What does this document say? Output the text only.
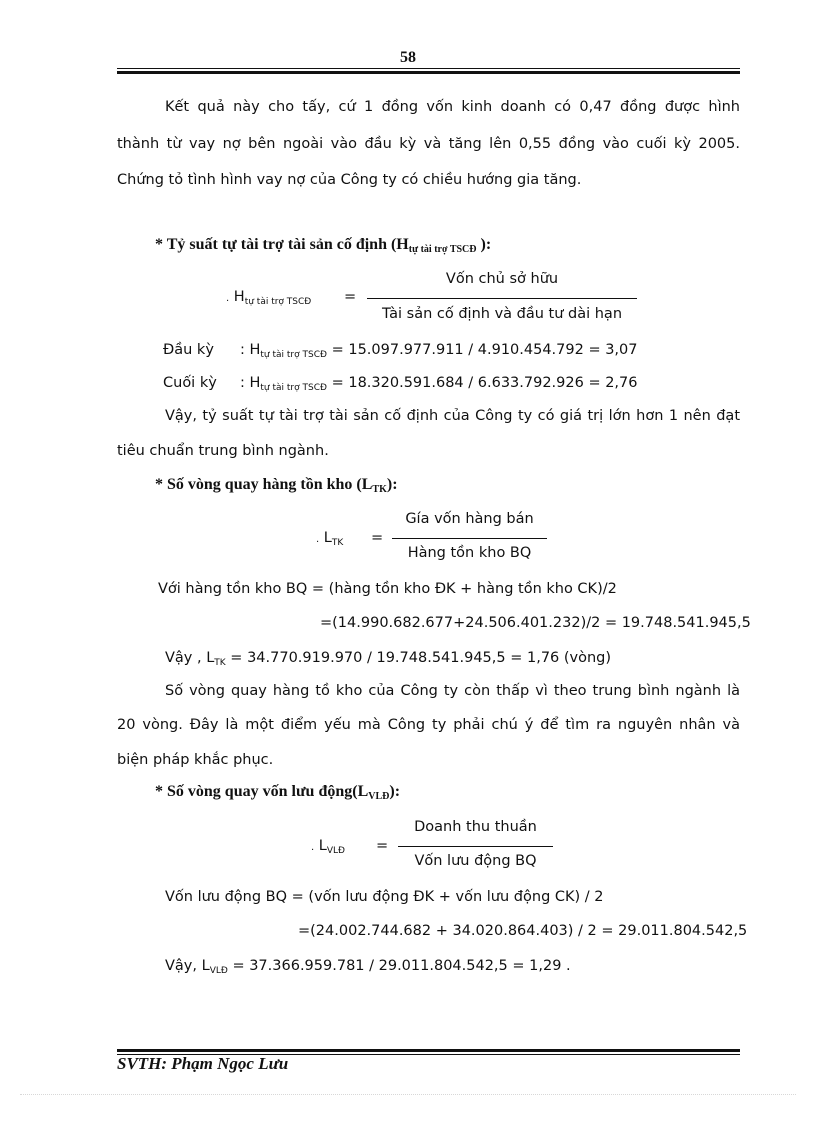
58
Kết quả này cho tấy, cứ 1 đồng vốn kinh doanh có 0,47 đồng được hình
thành từ vay nợ bên ngoài vào đầu kỳ và tăng lên 0,55 đồng vào cuối kỳ 2005.
Chứng tỏ tình hình vay nợ của Công ty có chiều hướng gia tăng.
* Tỷ suất tự tài trợ tài sản cố định (Htự tài trợ TSCĐ ):
. $H_{tự tài trợ TSCĐ}$ =
Vốn chủ sở hữu
Tài sản cố định và đầu tư dài hạn
Đầu kỳ : $H_{tự tài trợ TSCĐ} = 15.097.977.911 / 4.910.454.792 = 3,07$
Cuối kỳ : $H_{tự tài trợ TSCĐ} = 18.320.591.684 / 6.633.792.926 = 2,76$
Vậy, tỷ suất tự tài trợ tài sản cố định của Công ty có giá trị lớn hơn 1 nên đạt
tiêu chuẩn trung bình ngành.
* Số vòng quay hàng tồn kho (LTK):
. $L_{TK}$ =
Gía vốn hàng bán
Hàng tồn kho BQ
Với hàng tồn kho BQ = (hàng tồn kho ĐK + hàng tồn kho CK)/2
=(14.990.682.677+24.506.401.232)/2 = 19.748.541.945,5
Vậy , $L_{TK} = 34.770.919.970 / 19.748.541.945,5 = 1,76$ (vòng)
Số vòng quay hàng tồ kho của Công ty còn thấp vì theo trung bình ngành là
20 vòng. Đây là một điểm yếu mà Công ty phải chú ý để tìm ra nguyên nhân và
biện pháp khắc phục.
* Số vòng quay vốn lưu động(LVLĐ):
. $L_{VLĐ}$ =
Doanh thu thuần
Vốn lưu động BQ
Vốn lưu động BQ = (vốn lưu động ĐK + vốn lưu động CK) / 2
=(24.002.744.682 + 34.020.864.403) / 2 = 29.011.804.542,5
Vậy, $L_{VLĐ} = 37.366.959.781 / 29.011.804.542,5 = 1,29$ .
SVTH: Phạm Ngọc Lưu
